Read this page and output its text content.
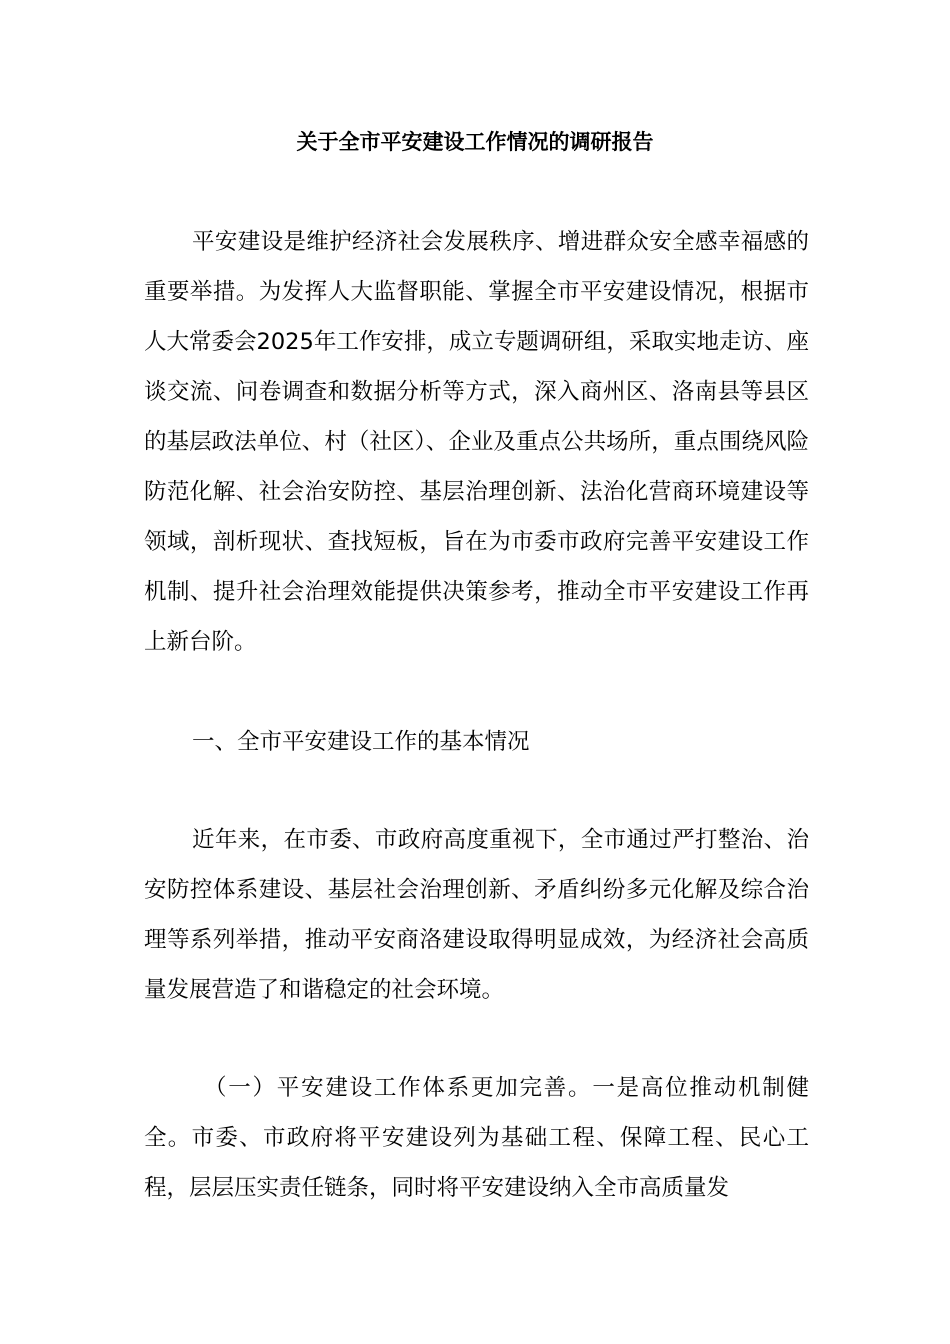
关于全市平安建设工作情况的调研报告

平安建设是维护经济社会发展秩序、增进群众安全感幸福感的重要举措。为发挥人大监督职能、掌握全市平安建设情况，根据市人大常委会2025年工作安排，成立专题调研组，采取实地走访、座谈交流、问卷调查和数据分析等方式，深入商州区、洛南县等县区的基层政法单位、村（社区）、企业及重点公共场所，重点围绕风险防范化解、社会治安防控、基层治理创新、法治化营商环境建设等领域，剖析现状、查找短板，旨在为市委市政府完善平安建设工作机制、提升社会治理效能提供决策参考，推动全市平安建设工作再上新台阶。

一、全市平安建设工作的基本情况

近年来，在市委、市政府高度重视下，全市通过严打整治、治安防控体系建设、基层社会治理创新、矛盾纠纷多元化解及综合治理等系列举措，推动平安商洛建设取得明显成效，为经济社会高质量发展营造了和谐稳定的社会环境。

（一）平安建设工作体系更加完善。一是高位推动机制健全。市委、市政府将平安建设列为基础工程、保障工程、民心工程，层层压实责任链条，同时将平安建设纳入全市高质量发
